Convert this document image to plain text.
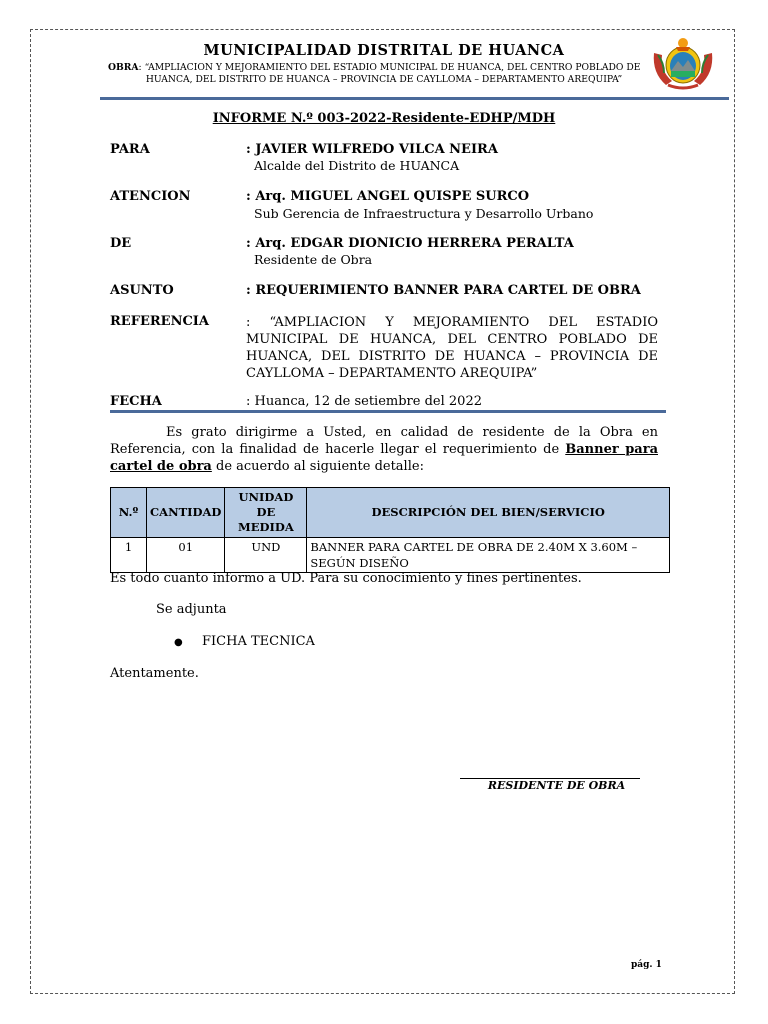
MUNICIPALIDAD DISTRITAL DE HUANCA
OBRA: “AMPLIACION Y MEJORAMIENTO DEL ESTADIO MUNICIPAL DE HUANCA, DEL CENTRO POBLADO DE
HUANCA, DEL DISTRITO DE HUANCA – PROVINCIA DE CAYLLOMA – DEPARTAMENTO AREQUIPA”
INFORME N.º 003-2022-Residente-EDHP/MDH
PARA	: JAVIER WILFREDO VILCA NEIRA
Alcalde del Distrito de HUANCA
ATENCION	: Arq. MIGUEL ANGEL QUISPE SURCO
Sub Gerencia de Infraestructura y Desarrollo Urbano
DE	: Arq. EDGAR DIONICIO HERRERA PERALTA
Residente de Obra
ASUNTO	: REQUERIMIENTO BANNER PARA CARTEL DE OBRA
REFERENCIA	: “AMPLIACION Y MEJORAMIENTO DEL ESTADIO MUNICIPAL DE HUANCA, DEL CENTRO POBLADO DE HUANCA, DEL DISTRITO DE HUANCA – PROVINCIA DE CAYLLOMA – DEPARTAMENTO AREQUIPA”
FECHA	: Huanca, 12 de setiembre del 2022
Es grato dirigirme a Usted, en calidad de residente de la Obra en Referencia, con la finalidad de hacerle llegar el requerimiento de Banner para cartel de obra de acuerdo al siguiente detalle:
N.º	CANTIDAD	UNIDAD DE MEDIDA	DESCRIPCIÓN DEL BIEN/SERVICIO
1	01	UND	BANNER PARA CARTEL DE OBRA DE 2.40M X 3.60M – SEGÚN DISEÑO
Es todo cuanto informo a UD. Para su conocimiento y fines pertinentes.
Se adjunta
● FICHA TECNICA
Atentamente.
RESIDENTE DE OBRA
pág. 1
